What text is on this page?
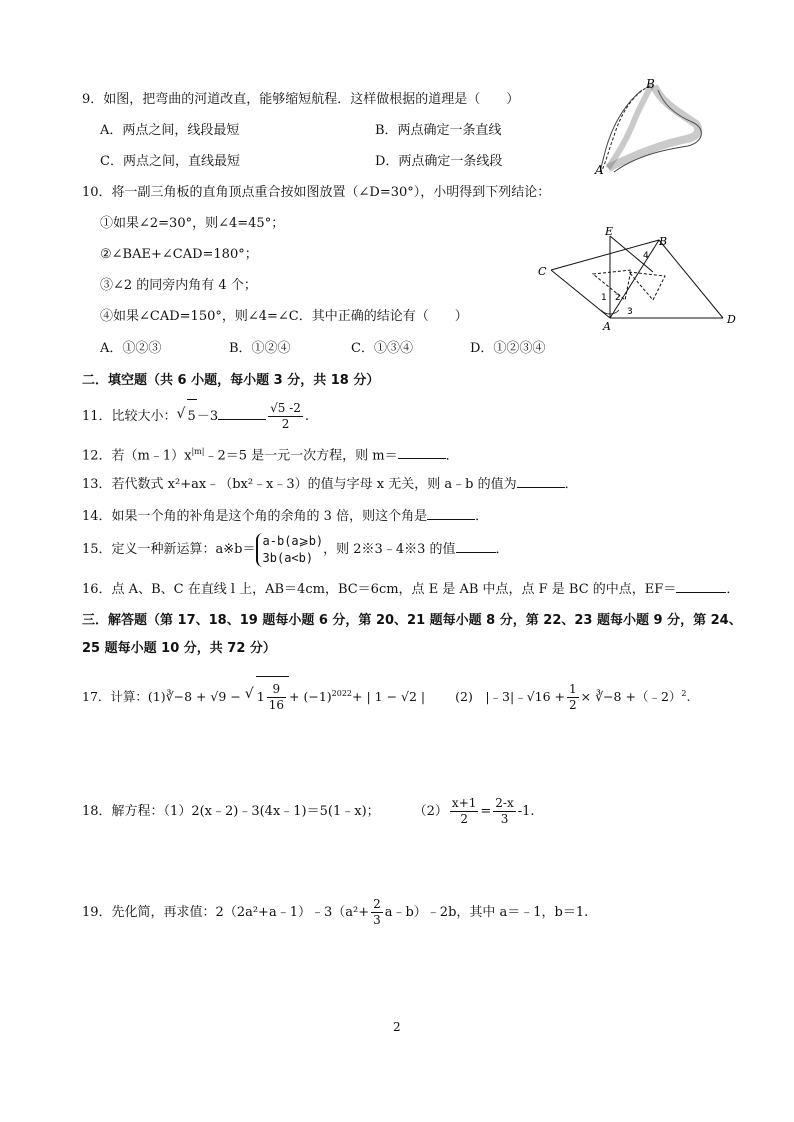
9．如图，把弯曲的河道改直，能够缩短航程．这样做根据的道理是（　　）
A．两点之间，线段最短	B．两点确定一条直线
C．两点之间，直线最短	D．两点确定一条线段
B
A
10．将一副三角板的直角顶点重合按如图放置（∠D=30°），小明得到下列结论：
①如果∠2=30°，则∠4=45°；
②∠BAE+∠CAD=180°；
③∠2 的同旁内角有 4 个；
④如果∠CAD=150°，则∠4=∠C．其中正确的结论有（　　）
A．①②③	B．①②④	C．①③④	D．①②③④
E
B
C
D
A
1 2
3
4
二．填空题（共 6 小题，每小题 3 分，共 18 分）
11．比较大小：√ 5－3	$\frac{√5 -2}{2}$ .
12．若$(m﹣1)x^{|m|}﹣2=5$ 是一元一次方程，则 m＝	．
13．若代数式 x²+ax﹣（bx²﹣x﹣3）的值与字母 x 无关，则 a﹣b 的值为	．
14．如果一个角的补角是这个角的余角的 3 倍，则这个角是	．
15．定义一种新运算：a※b＝
a-b(a⩾b)
3b(a<b)
，则 2※3﹣4※3 的值	．
16．点 A、B、C 在直线 l 上，AB＝4cm，BC＝6cm，点 E 是 AB 中点，点 F 是 BC 的中点，EF＝	．
三．解答题（第 17、18、19 题每小题 6 分，第 20、21 题每小题 8 分，第 22、23 题每小题 9 分，第 24、
25 题每小题 10 分，共 72 分）
17．计算：(1)∛−8 + √9 − √ $1 \frac{9}{16} + (-1)^{2022}+$ | 1 − √2 | (2)　|﹣3|﹣√16 + $\frac{1}{2}$ × ∛−8 +（﹣2）$^2$.
18．解方程：（1）2(x﹣2)﹣3(4x﹣1)＝5(1﹣x)；	$(2) \frac{x+1}{2} = \frac{2-x}{3} -1$.
19．先化简，再求值：2（2a²+a﹣1）﹣3（a²+ $\frac{2}{3}$ a﹣b）﹣2b，其中 a＝﹣1，b＝1.
2
